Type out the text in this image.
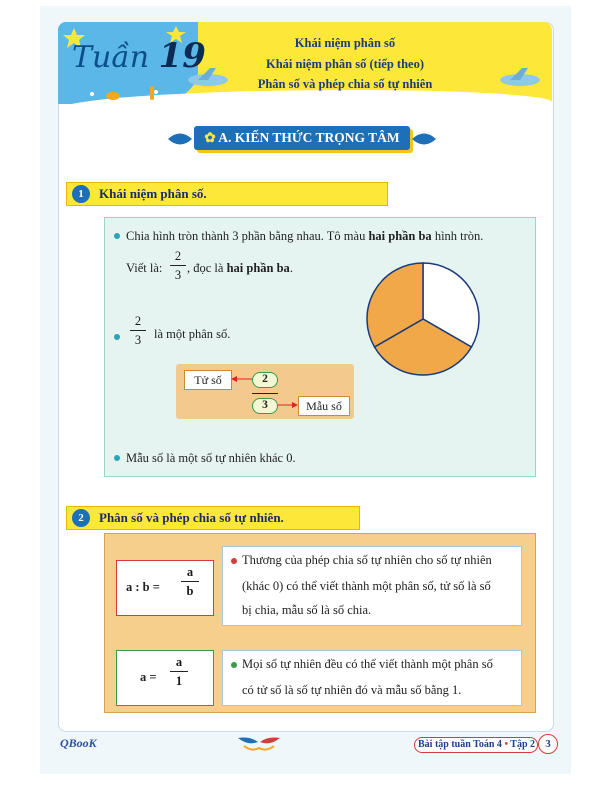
Tuần 19	Khái niệm phân số
Khái niệm phân số (tiếp theo)
Phân số và phép chia số tự nhiên
✿ A. KIẾN THỨC TRỌNG TÂM
Khái niệm phân số.
1
Chia hình tròn thành 3 phần bằng nhau. Tô màu hai phần ba hình tròn.
Viết là:
2
3 , đọc là hai phần ba.
2
3	là một phân số.
Tử số	2
3	Mẫu số
Mẫu số là một số tự nhiên khác 0.
Phân số và phép chia số tự nhiên.
2
a : b =
a
b
Thương của phép chia số tự nhiên cho số tự nhiên
(khác 0) có thể viết thành một phân số, tử số là số
bị chia, mẫu số là số chia.
a =
a
1
Mọi số tự nhiên đều có thể viết thành một phân số
có tử số là số tự nhiên đó và mẫu số bằng 1.
QBooK	Bài tập tuần Toán 4 • Tập 2 3
